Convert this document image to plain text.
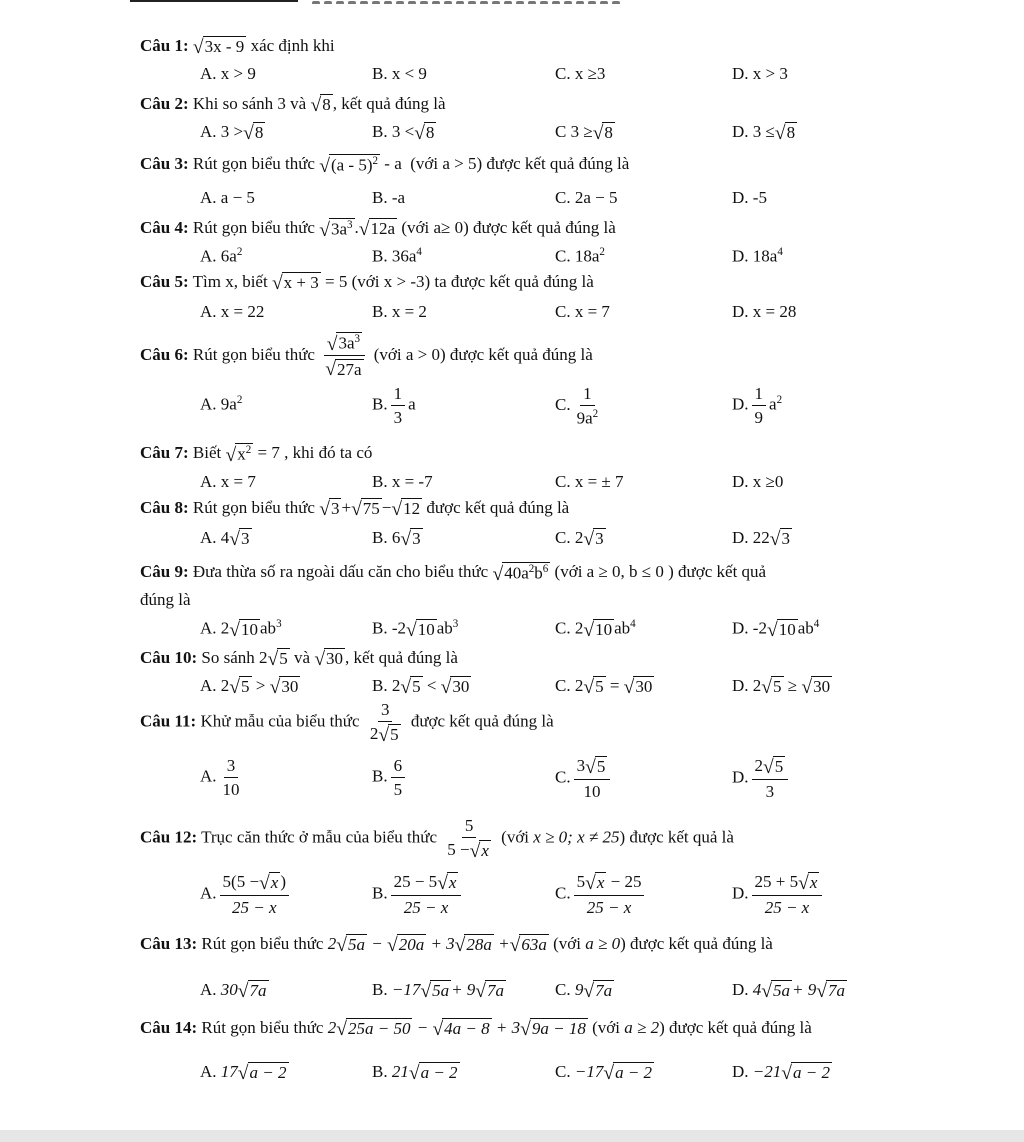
Câu 1: √ 3x - 9 xác định khi
A. x > 9	B. x < 9	C. x ≥3	D. x > 3
Câu 2: Khi so sánh 3 và √ 8 , kết quả đúng là
A. 3 > √ 8	B. 3 < √ 8	C 3 ≥ √ 8	D. 3 ≤ √ 8
Câu 3: Rút gọn biểu thức √ (a - 5)$^2$ - a (với a > 5) được kết quả đúng là
A. a − 5	B. -a	C. 2a − 5	D. -5
Câu 4: Rút gọn biểu thức √ $3a^3$ . √ 12a (với a≥ 0) được kết quả đúng là
A. $6a^2$	B. $36a^4$	C. $18a^2$	D. $18a^4$
Câu 5: Tìm x, biết √ x + 3 = 5 (với x > -3) ta được kết quả đúng là
A. x = 22	B. x = 2	C. x = 7	D. x = 28
Câu 6: Rút gọn biểu thức $\frac{√ 3a^3}{√ 27a}$ (với a > 0) được kết quả đúng là
A. $9a^2$	B. $\frac{1}{3}$ a	C. $\frac{1}{9a^2}$	D. $\frac{1}{9} a^2$
Câu 7: Biết √ $x^2 = 7$ , khi đó ta có
A. x = 7	B. x = -7	C. x = ± 7	D. x ≥0
Câu 8: Rút gọn biểu thức √ 3 + √ 75 − √ 12 được kết quả đúng là
A. 4 √ 3	B. 6 √ 3	C. 2 √ 3	D. 22 √ 3
Câu 9: Đưa thừa số ra ngoài dấu căn cho biểu thức √ $40a^2b^6$ (với a ≥ 0, b ≤ 0 ) được kết quả
đúng là
A. 2 √ 10 $ab^3$	B. -2 √ 10 $ab^3$	C. 2 √ 10 $ab^4$	D. -2 √ 10 $ab^4$
Câu 10: So sánh 2 √ 5 và √ 30 , kết quả đúng là
A. 2 √ 5 > √ 30	B. 2 √ 5 < √ 30	C. 2 √ 5 = √ 30	D. 2 √ 5 ≥ √ 30
Câu 11: Khử mẫu của biểu thức $\frac{3}{2 √ 5}$ được kết quả đúng là
A. $\frac{3}{10}$	B. $\frac{6}{5}$	C. $\frac{3 √ 5}{10}$	D. $\frac{2 √ 5}{3}$
Câu 12: Trục căn thức ở mẫu của biểu thức $\frac{5}{5 - √ x}$ (với x ≥ 0; x ≠ 25) được kết quả là
A. $\frac{5(5 - √ x )}{25 - x}$	B. $\frac{25 - 5 √ x}{25 - x}$	C. $\frac{5 √ x - 25}{25 - x}$	D. $\frac{25 + 5 √ x}{25 - x}$
Câu 13: Rút gọn biểu thức 2 √ 5a − √ 20a + 3 √ 28a + √ 63a (với a ≥ 0) được kết quả đúng là
A. 30 √ 7a	B. −17 √ 5a + 9 √ 7a	C. 9 √ 7a	D. 4 √ 5a + 9 √ 7a
Câu 14: Rút gọn biểu thức 2 √ 25a − 50 − √ 4a − 8 + 3 √ 9a − 18 (với a ≥ 2) được kết quả đúng là
A. 17 √ a − 2	B. 21 √ a − 2	C. −17 √ a − 2	D. −21 √ a − 2
